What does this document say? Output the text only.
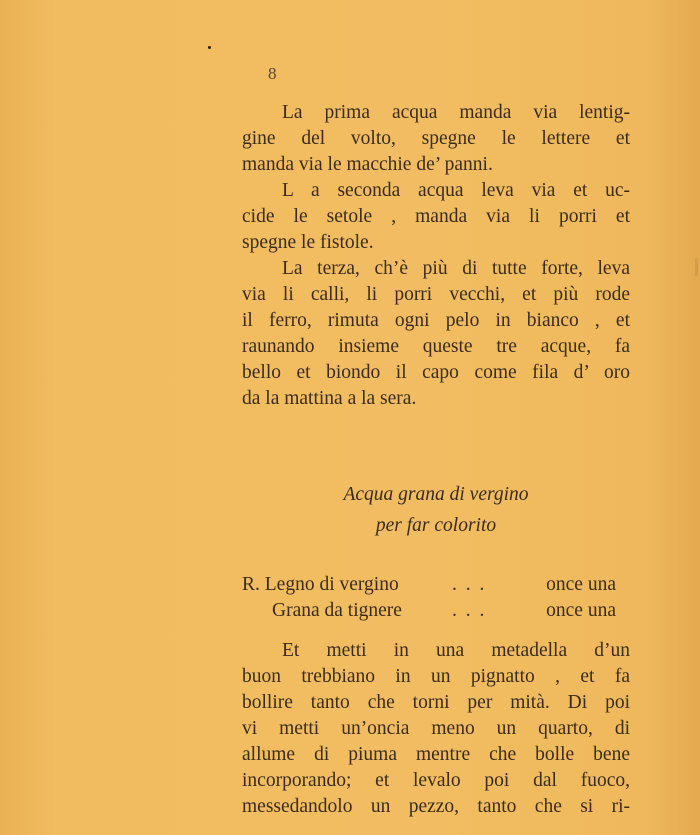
8

La prima acqua manda via lentig-
gine del volto, spegne le lettere et
manda via le macchie de’ panni.

L a seconda acqua leva via et uc-
cide le setole , manda via li porri et
spegne le fistole.

La terza, ch’è più di tutte forte, leva
via li calli, li porri vecchi, et più rode
il ferro, rimuta ogni pelo in bianco , et
raunando insieme queste tre acque, fa
bello et biondo il capo come fila d’ oro
da la mattina a la sera.

Acqua grana di vergino
per far colorito
R. Legno di vergino	. . .	once una
Grana da tignere	. . .	once una

Et metti in una metadella d’un
buon trebbiano in un pignatto , et fa
bollire tanto che torni per mità. Di poi
vi metti un’oncia meno un quarto, di
allume di piuma mentre che bolle bene
incorporando; et levalo poi dal fuoco,
messedandolo un pezzo, tanto che si ri-
